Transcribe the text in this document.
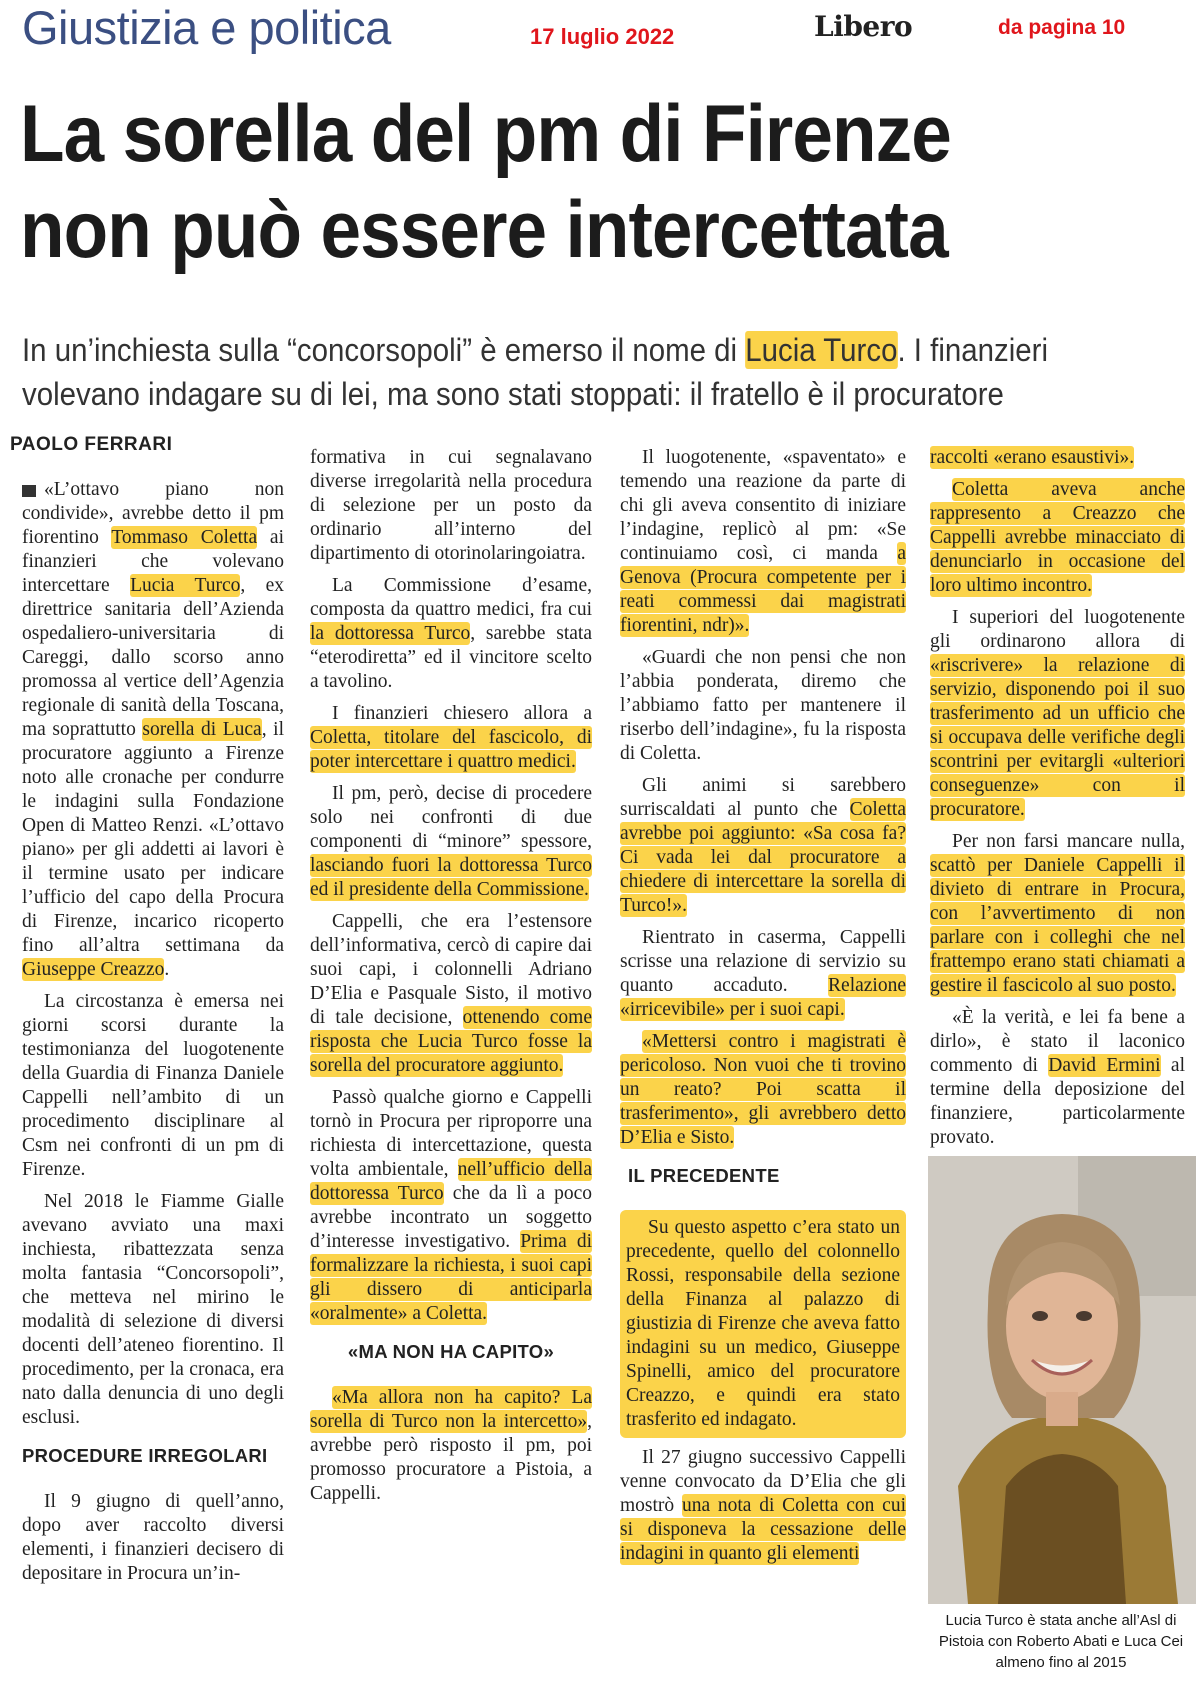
Giustizia e politica	17 luglio 2022	Libero	da pagina 10
La sorella del pm di Firenze
non può essere intercettata
In un’inchiesta sulla “concorsopoli” è emerso il nome di Lucia Turco. I finanzieri
volevano indagare su di lei, ma sono stati stoppati: il fratello è il procuratore
PAOLO FERRARI

«L’ottavo piano non condivide», avrebbe detto il pm fiorentino Tommaso Coletta ai finanzieri che volevano intercettare Lucia Turco, ex direttrice sanitaria dell’Azienda ospedaliero-universitaria di Careggi, dallo scorso anno promossa al vertice dell’Agenzia regionale di sanità della Toscana, ma soprattutto sorella di Luca, il procuratore aggiunto a Firenze noto alle cronache per condurre le indagini sulla Fondazione Open di Matteo Renzi. «L’ottavo piano» per gli addetti ai lavori è il termine usato per indicare l’ufficio del capo della Procura di Firenze, incarico ricoperto fino all’altra settimana da Giuseppe Creazzo.

La circostanza è emersa nei giorni scorsi durante la testimonianza del luogotenente della Guardia di Finanza Daniele Cappelli nell’ambito di un procedimento disciplinare al Csm nei confronti di un pm di Firenze.

Nel 2018 le Fiamme Gialle avevano avviato una maxi inchiesta, ribattezzata senza molta fantasia “Concorsopoli”, che metteva nel mirino le modalità di selezione di diversi docenti dell’ateneo fiorentino. Il procedimento, per la cronaca, era nato dalla denuncia di uno degli esclusi.

PROCEDURE IRREGOLARI

Il 9 giugno di quell’anno, dopo aver raccolto diversi elementi, i finanzieri decisero di depositare in Procura un’in-

formativa in cui segnalavano diverse irregolarità nella procedura di selezione per un posto da ordinario all’interno del dipartimento di otorinolaringoiatra.

La Commissione d’esame, composta da quattro medici, fra cui la dottoressa Turco, sarebbe stata “eterodiretta” ed il vincitore scelto a tavolino.

I finanzieri chiesero allora a Coletta, titolare del fascicolo, di poter intercettare i quattro medici.

Il pm, però, decise di procedere solo nei confronti di due componenti di “minore” spessore, lasciando fuori la dottoressa Turco ed il presidente della Commissione.

Cappelli, che era l’estensore dell’informativa, cercò di capire dai suoi capi, i colonnelli Adriano D’Elia e Pasquale Sisto, il motivo di tale decisione, ottenendo come risposta che Lucia Turco fosse la sorella del procuratore aggiunto.

Passò qualche giorno e Cappelli tornò in Procura per riproporre una richiesta di intercettazione, questa volta ambientale, nell’ufficio della dottoressa Turco che da lì a poco avrebbe incontrato un soggetto d’interesse investigativo. Prima di formalizzare la richiesta, i suoi capi gli dissero di anticiparla «oralmente» a Coletta.

«MA NON HA CAPITO»

«Ma allora non ha capito? La sorella di Turco non la intercetto», avrebbe però risposto il pm, poi promosso procuratore a Pistoia, a Cappelli.

Il luogotenente, «spaventato» e temendo una reazione da parte di chi gli aveva consentito di iniziare l’indagine, replicò al pm: «Se continuiamo così, ci manda a Genova (Procura competente per i reati commessi dai magistrati fiorentini, ndr)».

«Guardi che non pensi che non l’abbia ponderata, diremo che l’abbiamo fatto per mantenere il riserbo dell’indagine», fu la risposta di Coletta.

Gli animi si sarebbero surriscaldati al punto che Coletta avrebbe poi aggiunto: «Sa cosa fa? Ci vada lei dal procuratore a chiedere di intercettare la sorella di Turco!».

Rientrato in caserma, Cappelli scrisse una relazione di servizio su quanto accaduto. Relazione «irricevibile» per i suoi capi.

«Mettersi contro i magistrati è pericoloso. Non vuoi che ti trovino un reato? Poi scatta il trasferimento», gli avrebbero detto D’Elia e Sisto.

IL PRECEDENTE

Su questo aspetto c’era stato un precedente, quello del colonnello Rossi, responsabile della sezione della Finanza al palazzo di giustizia di Firenze che aveva fatto indagini su un medico, Giuseppe Spinelli, amico del procuratore Creazzo, e quindi era stato trasferito ed indagato.

Il 27 giugno successivo Cappelli venne convocato da D’Elia che gli mostrò una nota di Coletta con cui si disponeva la cessazione delle indagini in quanto gli elementi

raccolti «erano esaustivi».

Coletta aveva anche rappresento a Creazzo che Cappelli avrebbe minacciato di denunciarlo in occasione del loro ultimo incontro.

I superiori del luogotenente gli ordinarono allora di «riscrivere» la relazione di servizio, disponendo poi il suo trasferimento ad un ufficio che si occupava delle verifiche degli scontrini per evitargli «ulteriori conseguenze» con il procuratore.

Per non farsi mancare nulla, scattò per Daniele Cappelli il divieto di entrare in Procura, con l’avvertimento di non parlare con i colleghi che nel frattempo erano stati chiamati a gestire il fascicolo al suo posto.

«È la verità, e lei fa bene a dirlo», è stato il laconico commento di David Ermini al termine della deposizione del finanziere, particolarmente provato.

Lucia Turco è stata anche all’Asl di Pistoia con Roberto Abati e Luca Cei almeno fino al 2015
